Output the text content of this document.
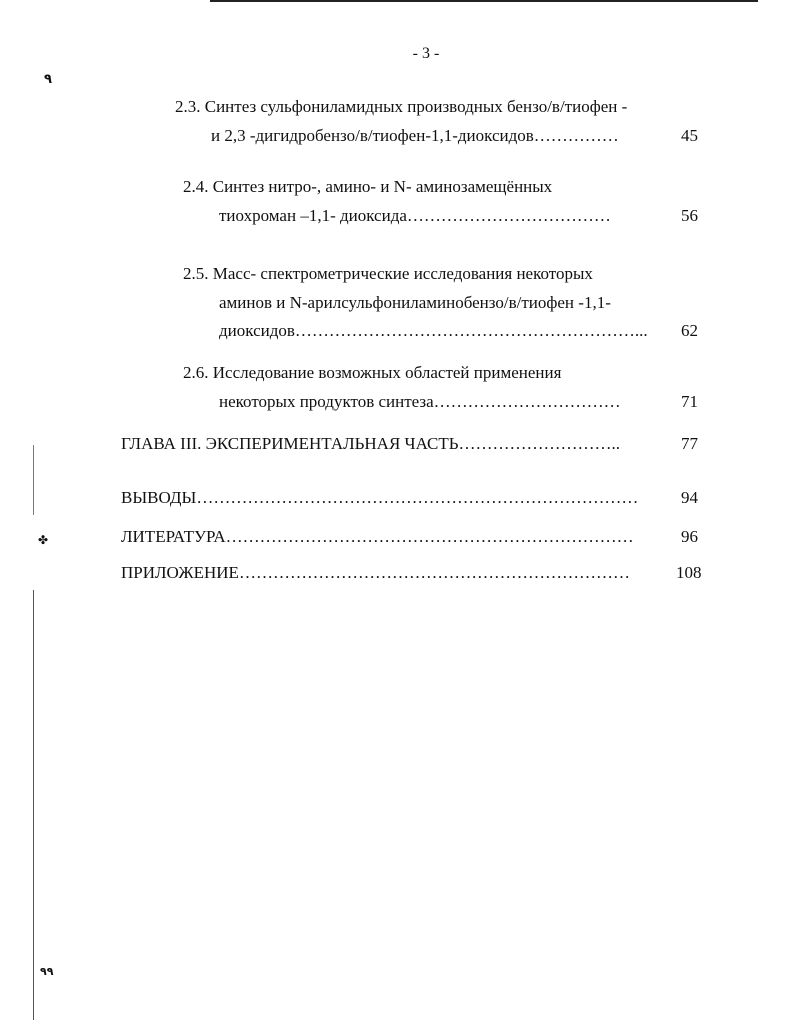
٩
✤
٩٩
- 3 -
2.3. Синтез сульфониламидных производных бензо/в/тиофен -
и 2,3 -дигидробензо/в/тиофен-1,1-диоксидов……………	45
2.4. Синтез нитро-, амино- и N- аминозамещённых
тиохроман –1,1- диоксида………………………………	56
2.5. Масс- спектрометрические исследования некоторых
аминов и N-арилсульфониламинобензо/в/тиофен -1,1-
диоксидов……………………………………………………... 62
2.6. Исследование возможных областей применения
некоторых продуктов синтеза……………………………	71
ГЛАВА III. ЭКСПЕРИМЕНТАЛЬНАЯ ЧАСТЬ………………………..	77
ВЫВОДЫ……………………………………………………………………	94
ЛИТЕРАТУРА………………………………………………………………	96
ПРИЛОЖЕНИЕ……………………………………………………………	108
